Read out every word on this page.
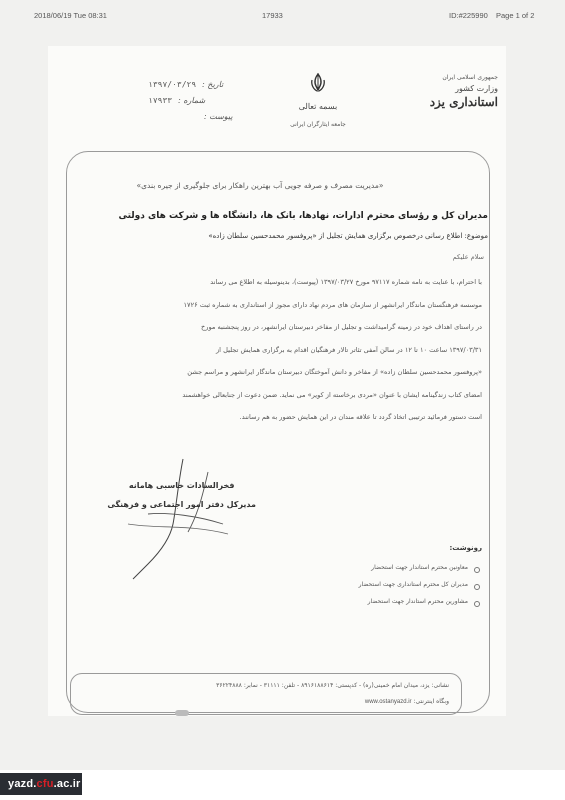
2018/06/19 Tue 08:31	17933	ID:#225990 Page 1 of 2
جمهوری اسلامی ایران
وزارت کشور
استانداری یزد
بسمه تعالی
جامعه ایثارگران ایرانی
تاریخ :
۱۳۹۷/۰۳/۲۹
شماره :
۱۷۹۳۳
پیوست :
«مدیریت مصرف و صرفه جویی آب بهترین راهکار برای جلوگیری از جیره بندی»
مدیران کل و رؤسای محترم ادارات، نهادها، بانک ها، دانشگاه ها و شرکت های دولتی
موضوع: اطلاع رسانی درخصوص برگزاری همایش تجلیل از «پروفسور محمدحسین سلطان زاده»
سلام علیکم
با احترام، با عنایت به نامه شماره ۹۷۱۱۷ مورخ ۱۳۹۷/۰۳/۲۷ (پیوست)، بدینوسیله به اطلاع می رساند
موسسه فرهنگستان ماندگار ایرانشهر از سازمان های مردم نهاد دارای مجوز از استانداری به شماره ثبت ۱۷۲۶
در راستای اهداف خود در زمینه گرامیداشت و تجلیل از مفاخر دبیرستان ایرانشهر، در روز پنجشنبه مورخ
۱۳۹۷/۰۳/۳۱ ساعت ۱۰ تا ۱۲ در سالن آمفی تئاتر تالار فرهنگیان اقدام به برگزاری همایش تجلیل از
«پروفسور محمدحسین سلطان زاده» از مفاخر و دانش آموختگان دبیرستان ماندگار ایرانشهر و مراسم جشن
امضای کتاب زندگینامه ایشان با عنوان «مردی برخاسته از کویر» می نماید. ضمن دعوت از جنابعالی خواهشمند
است دستور فرمائید ترتیبی اتخاذ گردد تا علاقه مندان در این همایش حضور به هم رسانند.
فخرالسادات خاسبی هامانه
مدیرکل دفتر امور اجتماعی و فرهنگی
رونوشت:
معاونین محترم استاندار جهت استحضار
مدیران کل محترم استانداری جهت استحضار
مشاورین محترم استاندار جهت استحضار
نشانی: یزد، میدان امام خمینی(ره) - کدپستی: ۸۹۱۶۱۸۸۶۱۴ - تلفن: ۳۱۱۱۱ - نمابر: ۳۶۲۲۴۸۸۸
وبگاه اینترنتی: www.ostanyazd.ir
yazd.cfu.ac.ir
